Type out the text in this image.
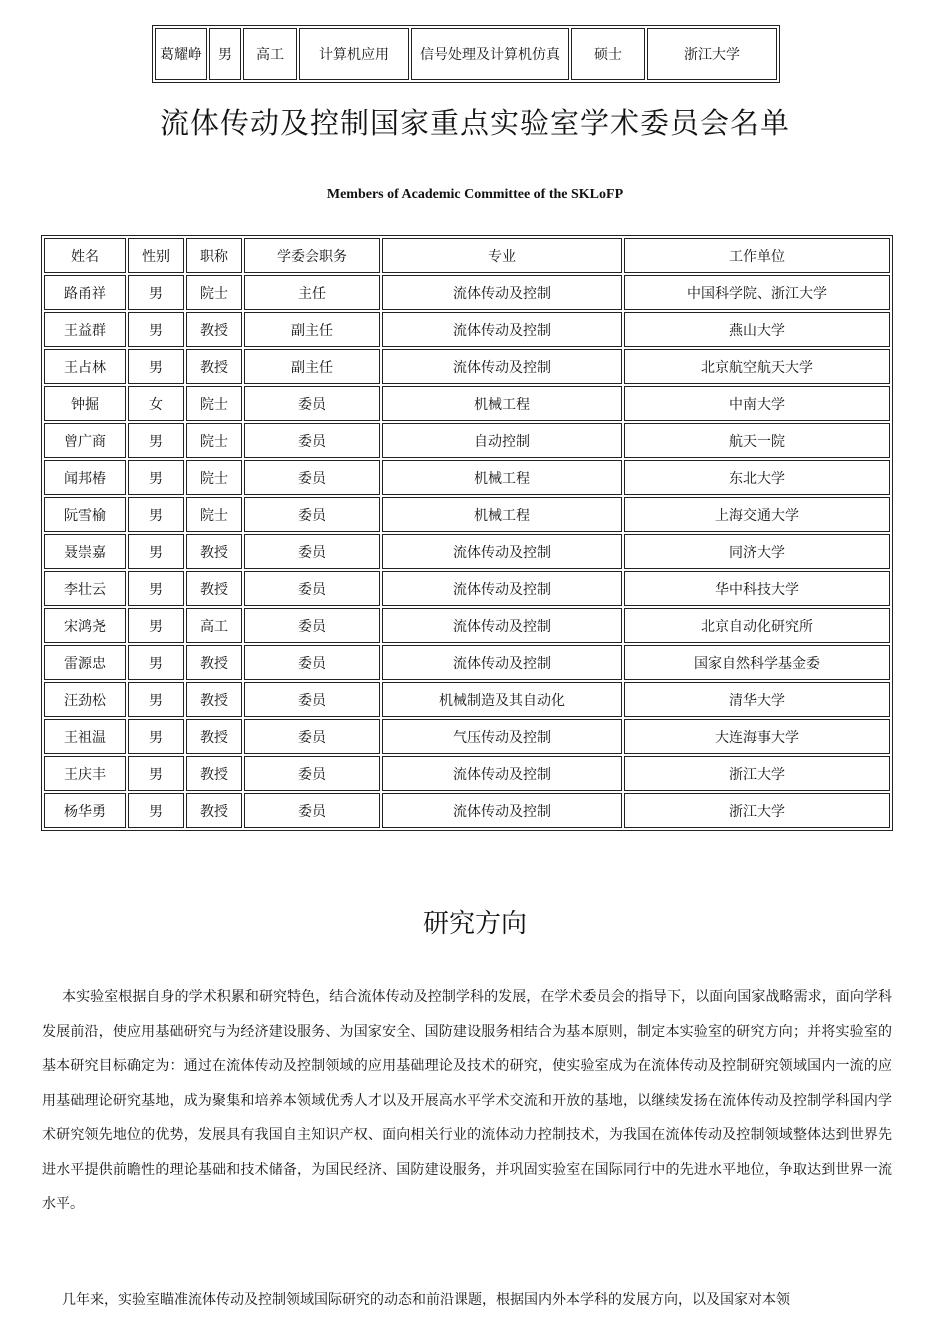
葛耀峥	男	高工	计算机应用	信号处理及计算机仿真	硕士	浙江大学
流体传动及控制国家重点实验室学术委员会名单

Members of Academic Committee of the SKLoFP

姓名	性别	职称	学委会职务	专业	工作单位
路甬祥	男	院士	主任	流体传动及控制	中国科学院、浙江大学
王益群	男	教授	副主任	流体传动及控制	燕山大学
王占林	男	教授	副主任	流体传动及控制	北京航空航天大学
钟掘	女	院士	委员	机械工程	中南大学
曾广商	男	院士	委员	自动控制	航天一院
闻邦椿	男	院士	委员	机械工程	东北大学
阮雪榆	男	院士	委员	机械工程	上海交通大学
聂崇嘉	男	教授	委员	流体传动及控制	同济大学
李壮云	男	教授	委员	流体传动及控制	华中科技大学
宋鸿尧	男	高工	委员	流体传动及控制	北京自动化研究所
雷源忠	男	教授	委员	流体传动及控制	国家自然科学基金委
汪劲松	男	教授	委员	机械制造及其自动化	清华大学
王祖温	男	教授	委员	气压传动及控制	大连海事大学
王庆丰	男	教授	委员	流体传动及控制	浙江大学
杨华勇	男	教授	委员	流体传动及控制	浙江大学
研究方向

本实验室根据自身的学术积累和研究特色，结合流体传动及控制学科的发展，在学术委员会的指导下，以面向国家战略需求，面向学科发展前沿，使应用基础研究与为经济建设服务、为国家安全、国防建设服务相结合为基本原则，制定本实验室的研究方向；并将实验室的基本研究目标确定为：通过在流体传动及控制领域的应用基础理论及技术的研究，使实验室成为在流体传动及控制研究领域国内一流的应用基础理论研究基地，成为聚集和培养本领域优秀人才以及开展高水平学术交流和开放的基地，以继续发扬在流体传动及控制学科国内学术研究领先地位的优势，发展具有我国自主知识产权、面向相关行业的流体动力控制技术，为我国在流体传动及控制领域整体达到世界先进水平提供前瞻性的理论基础和技术储备，为国民经济、国防建设服务，并巩固实验室在国际同行中的先进水平地位，争取达到世界一流水平。

几年来，实验室瞄准流体传动及控制领域国际研究的动态和前沿课题，根据国内外本学科的发展方向，以及国家对本领
